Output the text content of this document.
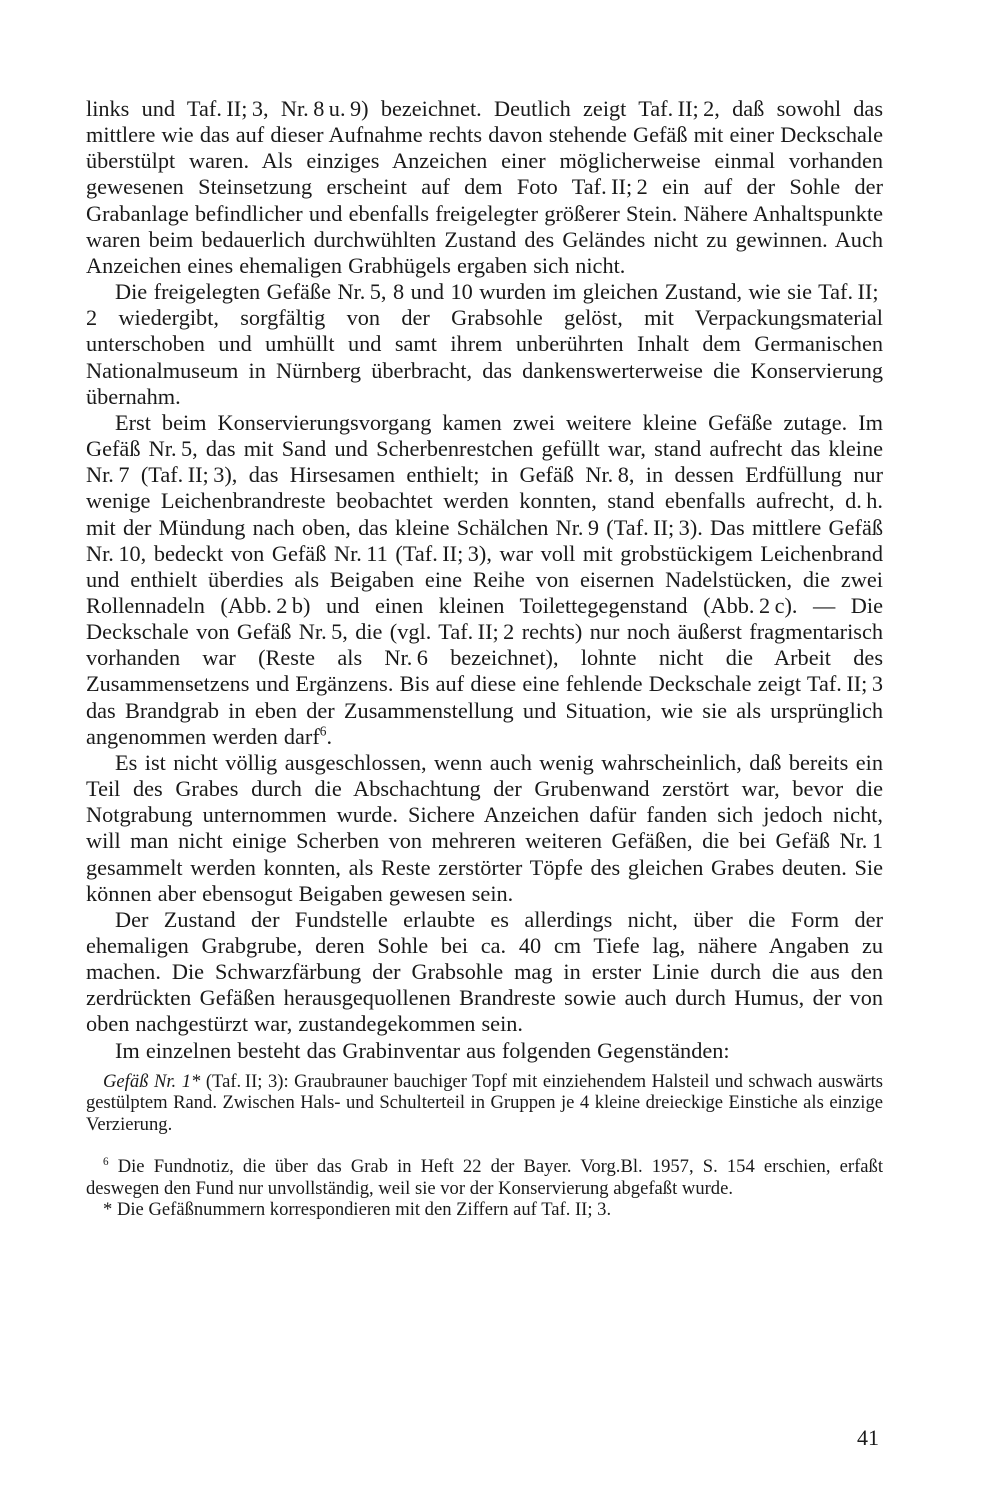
links und Taf. II; 3, Nr. 8 u. 9) bezeichnet. Deutlich zeigt Taf. II; 2, daß sowohl das mittlere wie das auf dieser Aufnahme rechts davon stehende Gefäß mit einer Deckschale überstülpt waren. Als einziges Anzeichen einer möglicherweise einmal vorhanden gewesenen Steinsetzung erscheint auf dem Foto Taf. II; 2 ein auf der Sohle der Grabanlage befindlicher und ebenfalls freigelegter größerer Stein. Nähere Anhaltspunkte waren beim bedauerlich durchwühlten Zustand des Geländes nicht zu gewinnen. Auch Anzeichen eines ehemaligen Grabhügels ergaben sich nicht.

Die freigelegten Gefäße Nr. 5, 8 und 10 wurden im gleichen Zustand, wie sie Taf. II; 2 wiedergibt, sorgfältig von der Grabsohle gelöst, mit Verpackungsmaterial unterschoben und umhüllt und samt ihrem unberührten Inhalt dem Germanischen Nationalmuseum in Nürnberg überbracht, das dankenswerterweise die Konservierung übernahm.

Erst beim Konservierungsvorgang kamen zwei weitere kleine Gefäße zutage. Im Gefäß Nr. 5, das mit Sand und Scherbenrestchen gefüllt war, stand aufrecht das kleine Nr. 7 (Taf. II; 3), das Hirsesamen enthielt; in Gefäß Nr. 8, in dessen Erdfüllung nur wenige Leichenbrandreste beobachtet werden konnten, stand ebenfalls aufrecht, d. h. mit der Mündung nach oben, das kleine Schälchen Nr. 9 (Taf. II; 3). Das mittlere Gefäß Nr. 10, bedeckt von Gefäß Nr. 11 (Taf. II; 3), war voll mit grobstückigem Leichenbrand und enthielt überdies als Beigaben eine Reihe von eisernen Nadelstücken, die zwei Rollennadeln (Abb. 2 b) und einen kleinen Toilettegegenstand (Abb. 2 c). — Die Deckschale von Gefäß Nr. 5, die (vgl. Taf. II; 2 rechts) nur noch äußerst fragmentarisch vorhanden war (Reste als Nr. 6 bezeichnet), lohnte nicht die Arbeit des Zusammensetzens und Ergänzens. Bis auf diese eine fehlende Deckschale zeigt Taf. II; 3 das Brandgrab in eben der Zusammenstellung und Situation, wie sie als ursprünglich angenommen werden darf$^6$.

Es ist nicht völlig ausgeschlossen, wenn auch wenig wahrscheinlich, daß bereits ein Teil des Grabes durch die Abschachtung der Grubenwand zerstört war, bevor die Notgrabung unternommen wurde. Sichere Anzeichen dafür fanden sich jedoch nicht, will man nicht einige Scherben von mehreren weiteren Gefäßen, die bei Gefäß Nr. 1 gesammelt werden konnten, als Reste zerstörter Töpfe des gleichen Grabes deuten. Sie können aber ebensogut Beigaben gewesen sein.

Der Zustand der Fundstelle erlaubte es allerdings nicht, über die Form der ehemaligen Grabgrube, deren Sohle bei ca. 40 cm Tiefe lag, nähere Angaben zu machen. Die Schwarzfärbung der Grabsohle mag in erster Linie durch die aus den zerdrückten Gefäßen herausgequollenen Brandreste sowie auch durch Humus, der von oben nachgestürzt war, zustandegekommen sein.

Im einzelnen besteht das Grabinventar aus folgenden Gegenständen:

Gefäß Nr. 1* (Taf. II; 3): Graubrauner bauchiger Topf mit einziehendem Halsteil und schwach auswärts gestülptem Rand. Zwischen Hals- und Schulterteil in Gruppen je 4 kleine dreieckige Einstiche als einzige Verzierung.

$^6$ Die Fundnotiz, die über das Grab in Heft 22 der Bayer. Vorg.Bl. 1957, S. 154 erschien, erfaßt deswegen den Fund nur unvollständig, weil sie vor der Konservierung abgefaßt wurde.

* Die Gefäßnummern korrespondieren mit den Ziffern auf Taf. II; 3.

41
